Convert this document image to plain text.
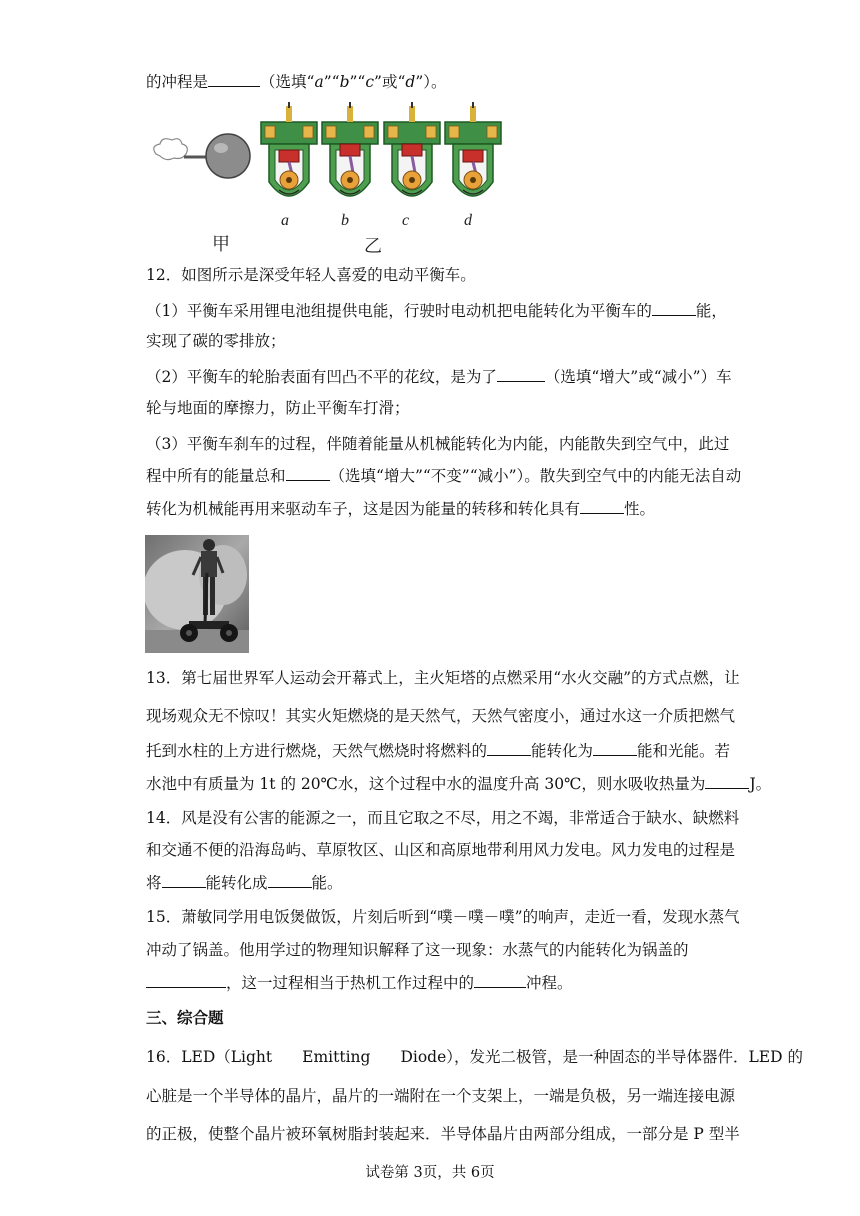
的冲程是	（选填“a”“b”“c”或“d”）。
a	b	c	d
甲	乙
12．如图所示是深受年轻人喜爱的电动平衡车。
（1）平衡车采用锂电池组提供电能，行驶时电动机把电能转化为平衡车的	能，
实现了碳的零排放；
（2）平衡车的轮胎表面有凹凸不平的花纹，是为了	（选填“增大”或“减小”）车
轮与地面的摩擦力，防止平衡车打滑；
（3）平衡车刹车的过程，伴随着能量从机械能转化为内能，内能散失到空气中，此过
程中所有的能量总和	（选填“增大”“不变”“减小”）。散失到空气中的内能无法自动
转化为机械能再用来驱动车子，这是因为能量的转移和转化具有	性。
13．第七届世界军人运动会开幕式上，主火矩塔的点燃采用“水火交融”的方式点燃，让
现场观众无不惊叹！其实火矩燃烧的是天然气，天然气密度小，通过水这一介质把燃气
托到水柱的上方进行燃烧，天然气燃烧时将燃料的	能转化为	能和光能。若
水池中有质量为 1t 的 20℃水，这个过程中水的温度升高 30℃，则水吸收热量为	J。
14．风是没有公害的能源之一，而且它取之不尽，用之不竭，非常适合于缺水、缺燃料
和交通不便的沿海岛屿、草原牧区、山区和高原地带利用风力发电。风力发电的过程是
将	能转化成	能。
15．萧敏同学用电饭煲做饭，片刻后听到“噗－噗－噗”的响声，走近一看，发现水蒸气
冲动了锅盖。他用学过的物理知识解释了这一现象：水蒸气的内能转化为锅盖的
，这一过程相当于热机工作过程中的	冲程。
三、综合题
16．LED（Light Emitting Diode），发光二极管，是一种固态的半导体器件．LED 的
心脏是一个半导体的晶片，晶片的一端附在一个支架上，一端是负极，另一端连接电源
的正极，使整个晶片被环氧树脂封装起来．半导体晶片由两部分组成，一部分是 P 型半
试卷第 3页，共 6页
